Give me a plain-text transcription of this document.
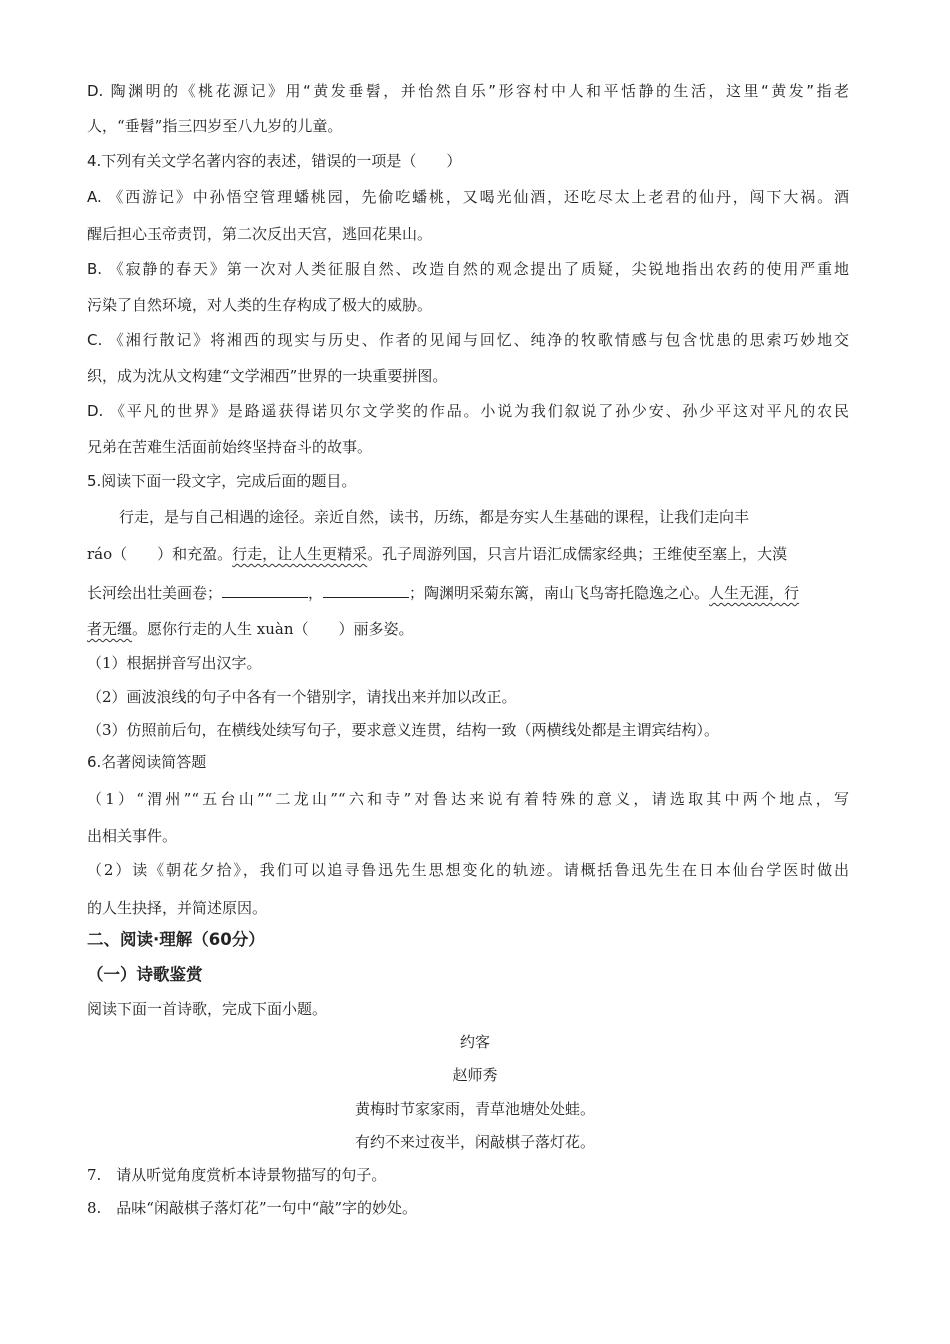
D. 陶渊明的《桃花源记》用“黄发垂髫，并怡然自乐”形容村中人和平恬静的生活，这里“黄发”指老
人，“垂髫”指三四岁至八九岁的儿童。
4.下列有关文学名著内容的表述，错误的一项是（　　）
A. 《西游记》中孙悟空管理蟠桃园，先偷吃蟠桃，又喝光仙酒，还吃尽太上老君的仙丹，闯下大祸。酒
醒后担心玉帝责罚，第二次反出天宫，逃回花果山。
B. 《寂静的春天》第一次对人类征服自然、改造自然的观念提出了质疑，尖锐地指出农药的使用严重地
污染了自然环境，对人类的生存构成了极大的威胁。
C. 《湘行散记》将湘西的现实与历史、作者的见闻与回忆、纯净的牧歌情感与包含忧患的思索巧妙地交
织，成为沈从文构建“文学湘西”世界的一块重要拼图。
D. 《平凡的世界》是路遥获得诺贝尔文学奖的作品。小说为我们叙说了孙少安、孙少平这对平凡的农民
兄弟在苦难生活面前始终坚持奋斗的故事。
5.阅读下面一段文字，完成后面的题目。
行走，是与自己相遇的途径。亲近自然，读书，历练，都是夯实人生基础的课程，让我们走向丰
ráo（　　）和充盈。行走，让人生更精采。孔子周游列国，只言片语汇成儒家经典；王维使至塞上，大漠
长河绘出壮美画卷；	，	；陶渊明采菊东篱，南山飞鸟寄托隐逸之心。人生无涯，行
者无缰。愿你行走的人生 xuàn（　　）丽多姿。
（1）根据拼音写出汉字。
（2）画波浪线的句子中各有一个错别字，请找出来并加以改正。
（3）仿照前后句，在横线处续写句子，要求意义连贯，结构一致（两横线处都是主谓宾结构）。
6.名著阅读简答题
（1）“渭州”“五台山”“二龙山”“六和寺”对鲁达来说有着特殊的意义，请选取其中两个地点，写
出相关事件。
（2）读《朝花夕拾》，我们可以追寻鲁迅先生思想变化的轨迹。请概括鲁迅先生在日本仙台学医时做出
的人生抉择，并简述原因。
二、阅读·理解（60分）
（一）诗歌鉴赏
阅读下面一首诗歌，完成下面小题。
约客
赵师秀
黄梅时节家家雨，青草池塘处处蛙。
有约不来过夜半，闲敲棋子落灯花。
7.　请从听觉角度赏析本诗景物描写的句子。
8.　品味“闲敲棋子落灯花”一句中“敲”字的妙处。
